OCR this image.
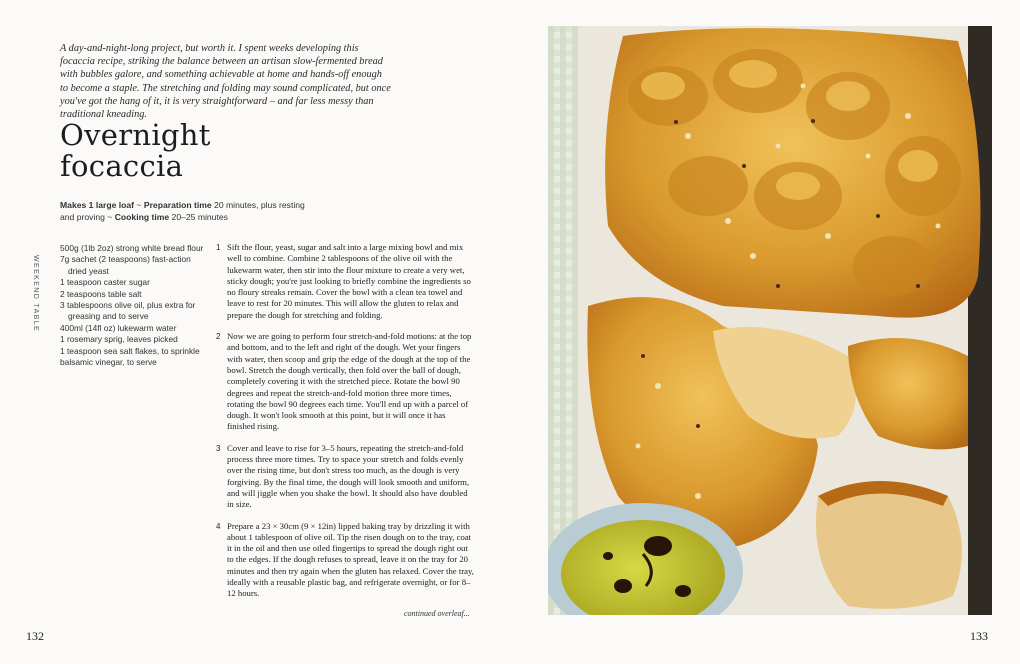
A day-and-night-long project, but worth it. I spent weeks developing this focaccia recipe, striking the balance between an artisan slow-fermented bread with bubbles galore, and something achievable at home and hands-off enough to become a staple. The stretching and folding may sound complicated, but once you've got the hang of it, it is very straightforward – and far less messy than traditional kneading.
Overnight
focaccia
Makes 1 large loaf ~ Preparation time 20 minutes, plus resting and proving ~ Cooking time 20–25 minutes
WEEKEND TABLE
500g (1lb 2oz) strong white bread flour
7g sachet (2 teaspoons) fast-action dried yeast
1 teaspoon caster sugar
2 teaspoons table salt
3 tablespoons olive oil, plus extra for greasing and to serve
400ml (14fl oz) lukewarm water
1 rosemary sprig, leaves picked
1 teaspoon sea salt flakes, to sprinkle
balsamic vinegar, to serve
1 Sift the flour, yeast, sugar and salt into a large mixing bowl and mix well to combine. Combine 2 tablespoons of the olive oil with the lukewarm water, then stir into the flour mixture to create a very wet, sticky dough; you're just looking to briefly combine the ingredients so no floury streaks remain. Cover the bowl with a clean tea towel and leave to rest for 20 minutes. This will allow the gluten to relax and prepare the dough for stretching and folding.
2 Now we are going to perform four stretch-and-fold motions: at the top and bottom, and to the left and right of the dough. Wet your fingers with water, then scoop and grip the edge of the dough at the top of the bowl. Stretch the dough vertically, then fold over the ball of dough, completely covering it with the stretched piece. Rotate the bowl 90 degrees and repeat the stretch-and-fold motion three more times, rotating the bowl 90 degrees each time. You'll end up with a parcel of dough. It won't look smooth at this point, but it will once it has finished rising.
3 Cover and leave to rise for 3–5 hours, repeating the stretch-and-fold process three more times. Try to space your stretch and folds evenly over the rising time, but don't stress too much, as the dough is very forgiving. By the final time, the dough will look smooth and uniform, and will jiggle when you shake the bowl. It should also have doubled in size.
4 Prepare a 23 × 30cm (9 × 12in) lipped baking tray by drizzling it with about 1 tablespoon of olive oil. Tip the risen dough on to the tray, coat it in the oil and then use oiled fingertips to spread the dough right out to the edges. If the dough refuses to spread, leave it on the tray for 20 minutes and then try again when the gluten has relaxed. Cover the tray, ideally with a reusable plastic bag, and refrigerate overnight, or for 8–12 hours.
continued overleaf...
132	133
